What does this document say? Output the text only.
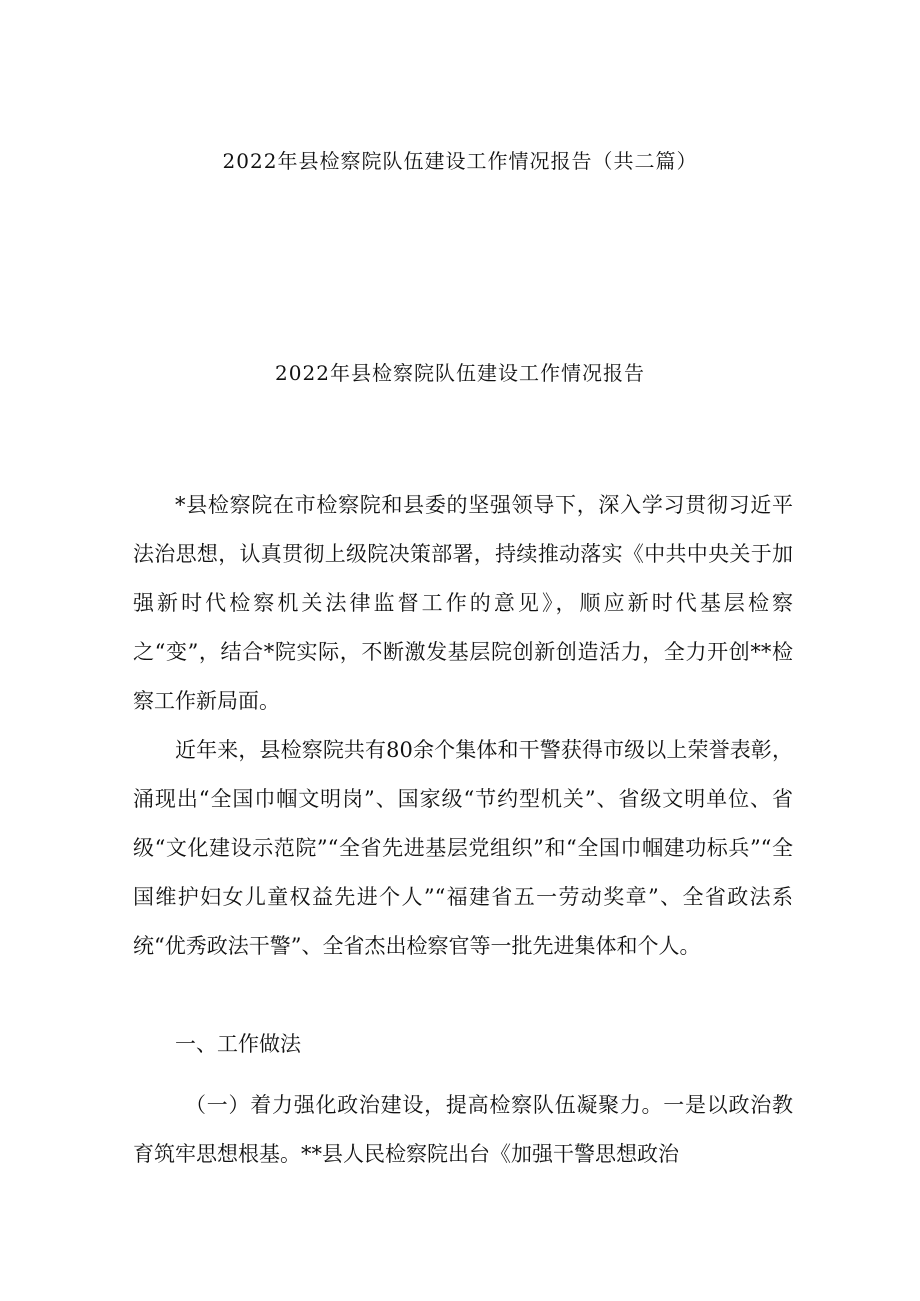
2022年县检察院队伍建设工作情况报告（共二篇）
2022年县检察院队伍建设工作情况报告

*县检察院在市检察院和县委的坚强领导下，深入学习贯彻习近平法治思想，认真贯彻上级院决策部署，持续推动落实《中共中央关于加强新时代检察机关法律监督工作的意见》，顺应新时代基层检察之“变”，结合*院实际，不断激发基层院创新创造活力，全力开创**检察工作新局面。

近年来，县检察院共有80余个集体和干警获得市级以上荣誉表彰，涌现出“全国巾帼文明岗”、国家级“节约型机关”、省级文明单位、省级“文化建设示范院”“全省先进基层党组织”和“全国巾帼建功标兵”“全国维护妇女儿童权益先进个人”“福建省五一劳动奖章”、全省政法系统“优秀政法干警”、全省杰出检察官等一批先进集体和个人。

一、工作做法

（一）着力强化政治建设，提高检察队伍凝聚力。一是以政治教育筑牢思想根基。**县人民检察院出台《加强干警思想政治
